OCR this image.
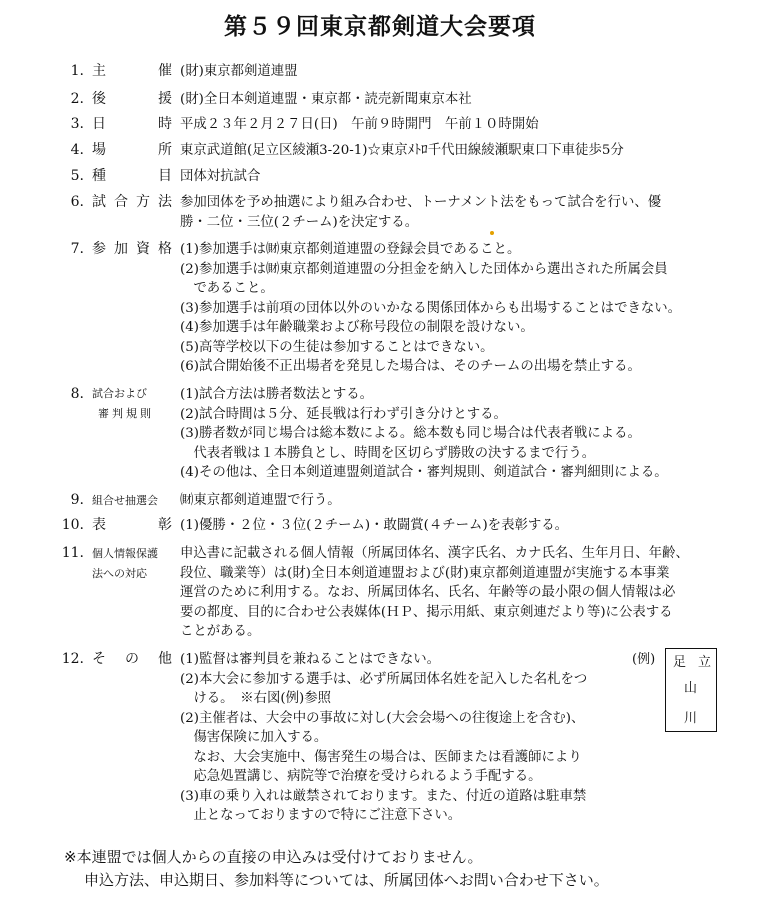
第５９回東京都剣道大会要項
1. 主	催 (財)東京都剣道連盟
2. 後	援 (財)全日本剣道連盟・東京都・読売新聞東京本社
3. 日	時 平成２３年２月２７日(日)　午前９時開門　午前１０時開始
4. 場	所 東京武道館(足立区綾瀬3-20-1)☆東京ﾒﾄﾛ千代田線綾瀬駅東口下車徒歩5分
5. 種	目 団体対抗試合
6. 試 合 方 法 参加団体を予め抽選により組み合わせ、トーナメント法をもって試合を行い、優
勝・二位・三位(２チーム)を決定する。
7. 参 加 資 格 (1)参加選手は㈶東京都剣道連盟の登録会員であること。
(2)参加選手は㈶東京都剣道連盟の分担金を納入した団体から選出された所属会員
　であること。
(3)参加選手は前項の団体以外のいかなる関係団体からも出場することはできない。
(4)参加選手は年齢職業および称号段位の制限を設けない。
(5)高等学校以下の生徒は参加することはできない。
(6)試合開始後不正出場者を発見した場合は、そのチームの出場を禁止する。
8. 試合および
審判規則
(1)試合方法は勝者数法とする。
(2)試合時間は５分、延長戦は行わず引き分けとする。
(3)勝者数が同じ場合は総本数による。総本数も同じ場合は代表者戦による。
　代表者戦は１本勝負とし、時間を区切らず勝敗の決するまで行う。
(4)その他は、全日本剣道連盟剣道試合・審判規則、剣道試合・審判細則による。
9. 組合せ抽選会	㈶東京都剣道連盟で行う。
10. 表	彰 (1)優勝・２位・３位(２チーム)・敢闘賞(４チーム)を表彰する。
11. 個人情報保護
法への対応
申込書に記載される個人情報（所属団体名、漢字氏名、カナ氏名、生年月日、年齢、
段位、職業等）は(財)全日本剣道連盟および(財)東京都剣道連盟が実施する本事業
運営のために利用する。なお、所属団体名、氏名、年齢等の最小限の個人情報は必
要の都度、目的に合わせ公表媒体(ＨＰ、掲示用紙、東京剣連だより等)に公表する
ことがある。
12. そ の 他 (1)監督は審判員を兼ねることはできない。
(2)本大会に参加する選手は、必ず所属団体名姓を記入した名札をつ
　ける。　※右図(例)参照
(2)主催者は、大会中の事故に対し(大会会場への往復途上を含む)、
　傷害保険に加入する。
　なお、大会実施中、傷害発生の場合は、医師または看護師により
　応急処置講じ、病院等で治療を受けられるよう手配する。
(3)車の乗り入れは厳禁されております。また、付近の道路は駐車禁
　止となっておりますので特にご注意下さい。
(例) 足 立
山
川
※本連盟では個人からの直接の申込みは受付けておりません。
申込方法、申込期日、参加料等については、所属団体へお問い合わせ下さい。
